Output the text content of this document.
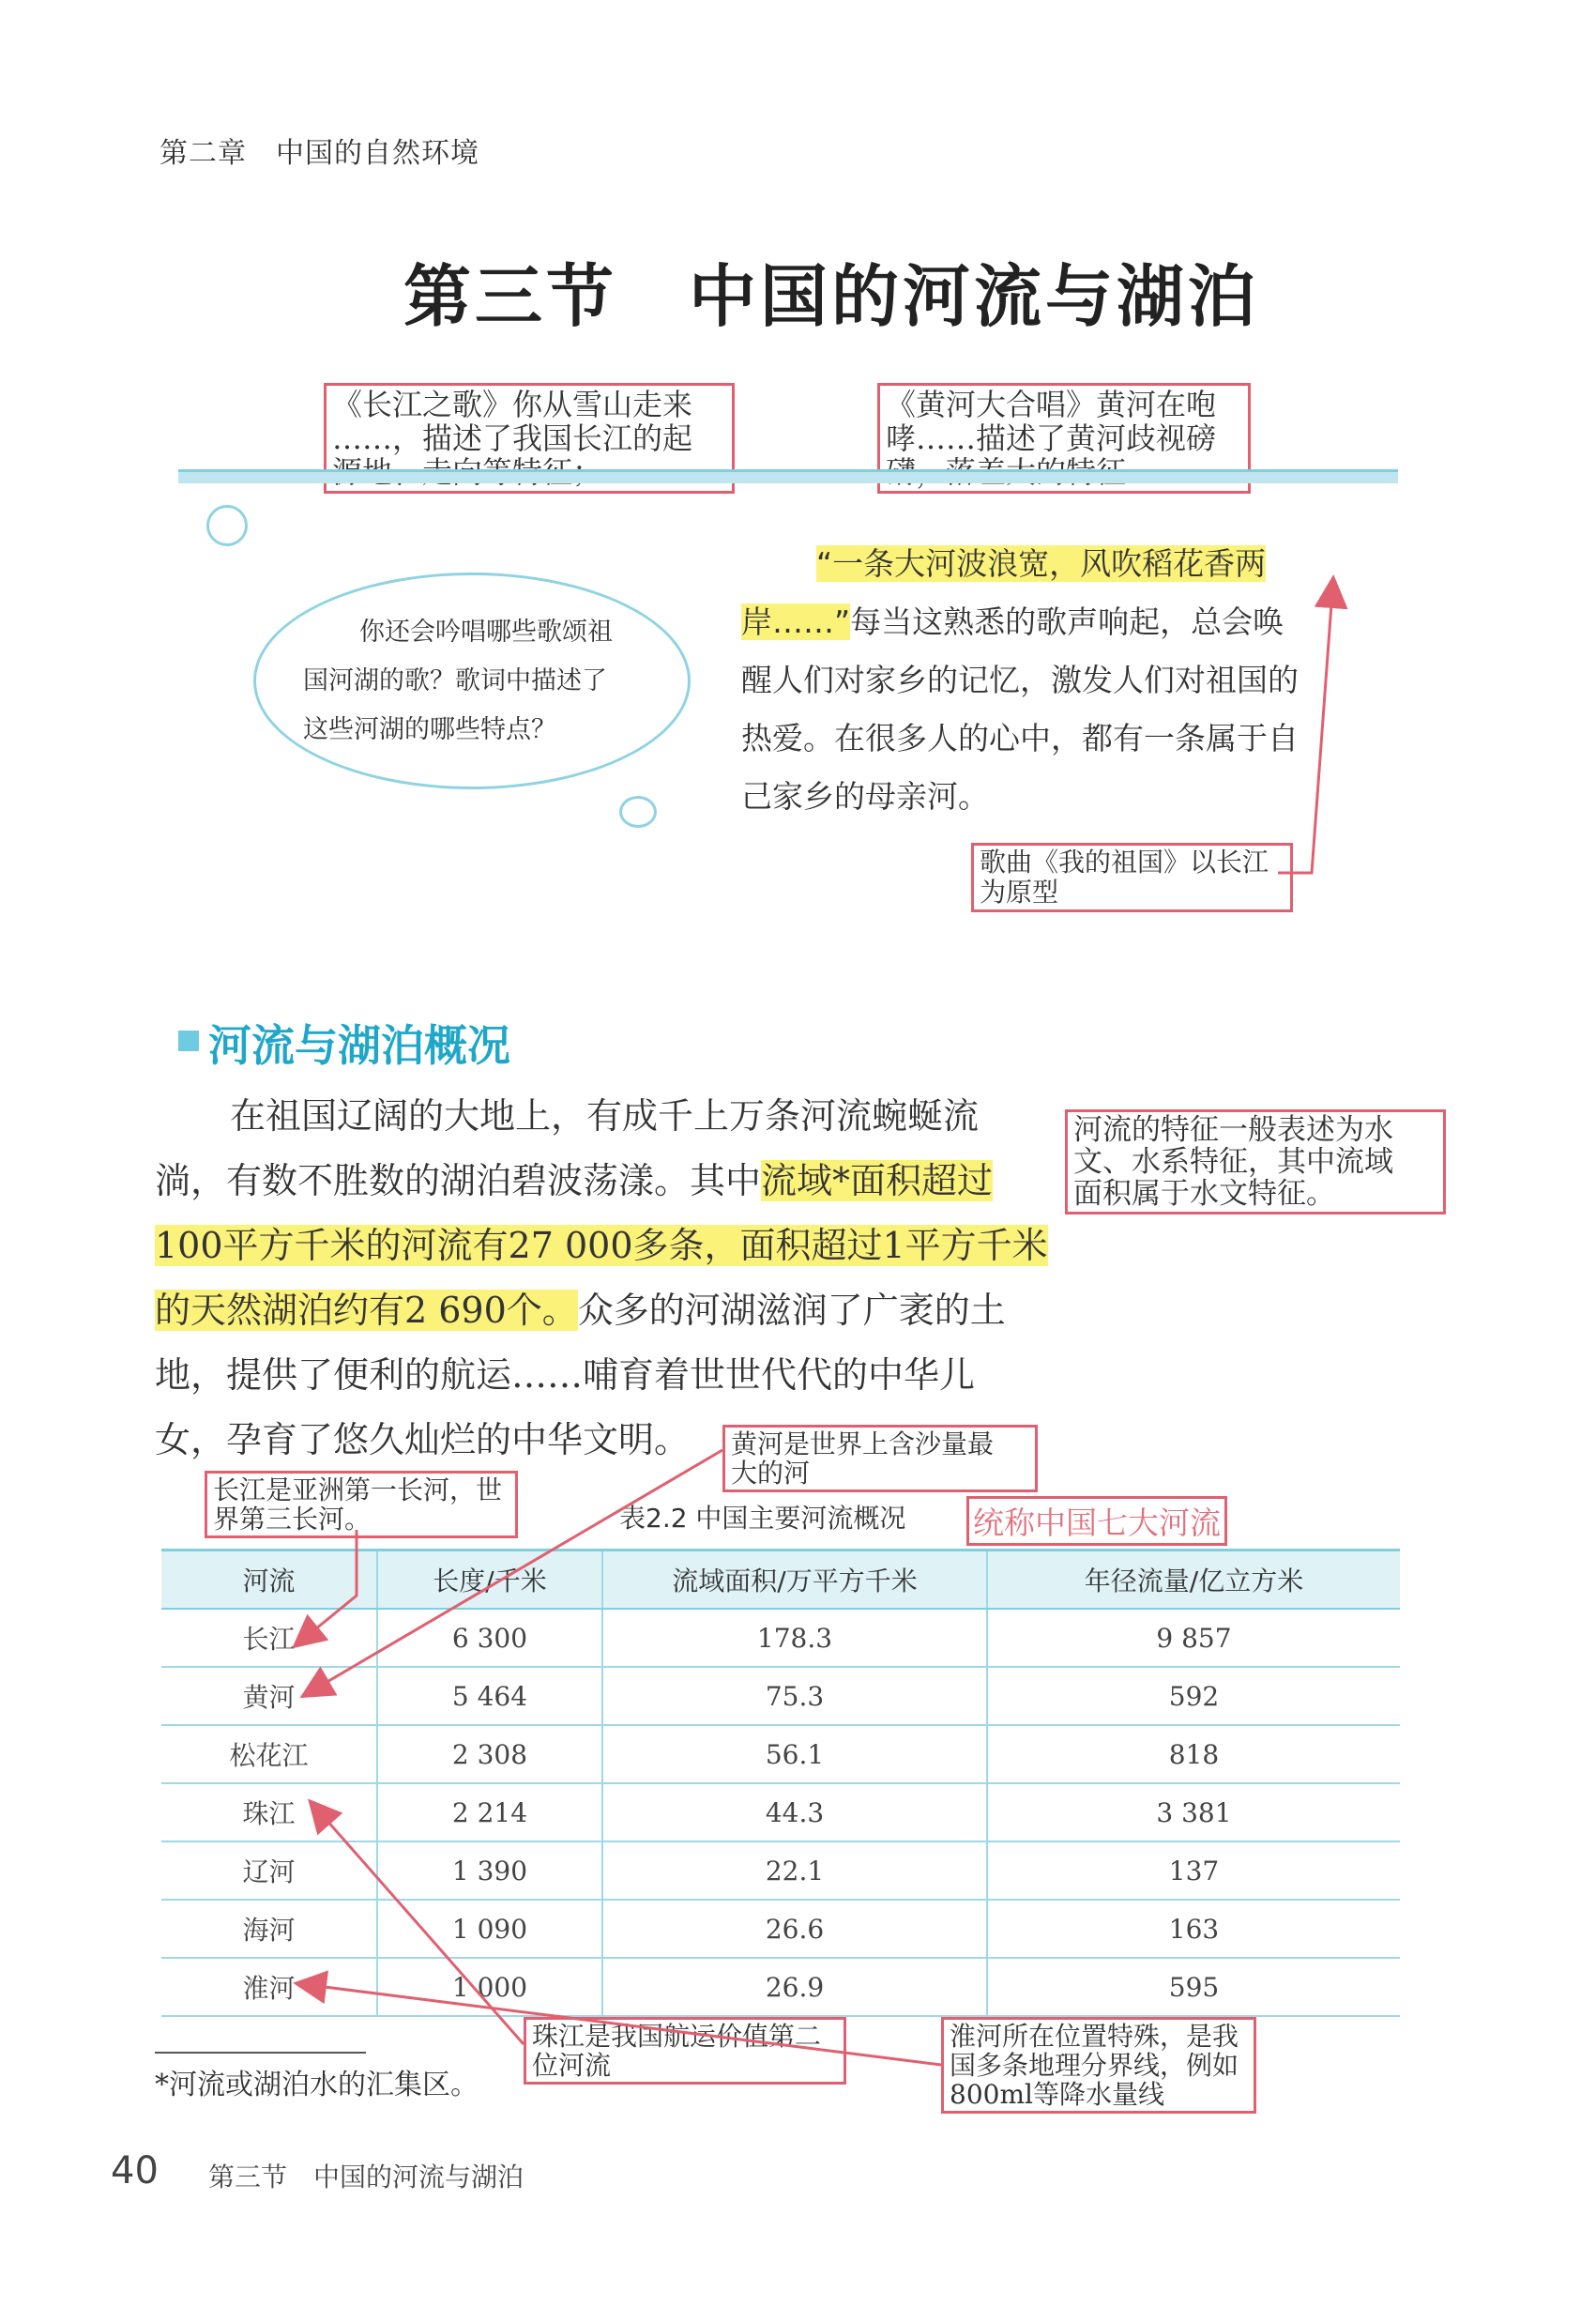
第二章　中国的自然环境
第三节　中国的河流与湖泊
《长江之歌》你从雪山走来
……，描述了我国长江的起
《黄河大合唱》黄河在咆
哮……描述了黄河歧视磅
你还会吟唱哪些歌颂祖
国河湖的歌？歌词中描述了
这些河湖的哪些特点？
“一条大河波浪宽，风吹稻花香两
岸……”每当这熟悉的歌声响起，总会唤
醒人们对家乡的记忆，激发人们对祖国的
热爱。在很多人的心中，都有一条属于自
己家乡的母亲河。
歌曲《我的祖国》以长江
为原型
河流与湖泊概况
在祖国辽阔的大地上，有成千上万条河流蜿蜒流
淌，有数不胜数的湖泊碧波荡漾。其中流域*面积超过
100平方千米的河流有27 000多条，面积超过1平方千米
的天然湖泊约有2 690个。众多的河湖滋润了广袤的土
地，提供了便利的航运……哺育着世世代代的中华儿
女，孕育了悠久灿烂的中华文明。
河流的特征一般表述为水
文、水系特征，其中流域
面积属于水文特征。
黄河是世界上含沙量最
大的河
长江是亚洲第一长河，世
界第三长河。	表2.2 中国主要河流概况 统称中国七大河流
河流	长度/千米	流域面积/万平方千米	年径流量/亿立方米
长江	6 300	178.3	9 857
黄河	5 464	75.3	592
松花江	2 308	56.1	818
珠江	2 214	44.3	3 381
辽河	1 390	22.1	137
海河	1 090	26.6	163
淮河	1 000	26.9	595
珠江是我国航运价值第二
位河流
淮河所在位置特殊，是我
国多条地理分界线，例如
800ml等降水量线
*河流或湖泊水的汇集区。
40 第三节　中国的河流与湖泊
